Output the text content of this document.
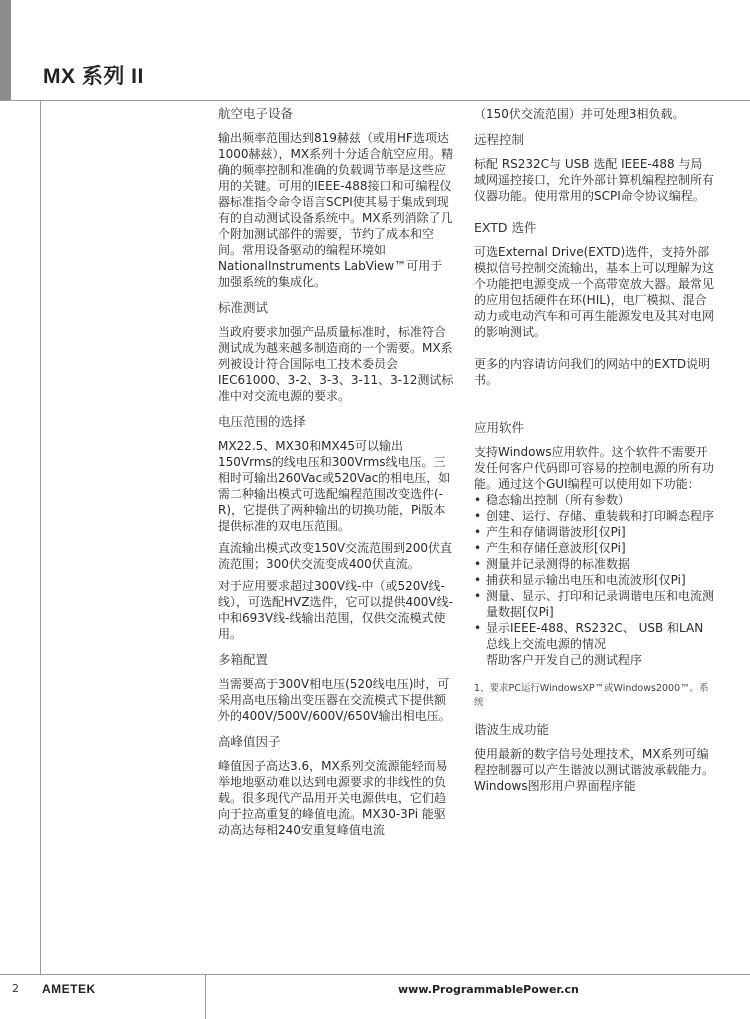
MX 系列 II

航空电子设备

输出频率范围达到819赫兹（或用HF选项达1000赫兹），MX系列十分适合航空应用。精确的频率控制和准确的负载调节率是这些应用的关键。可用的IEEE-488接口和可编程仪器标准指令命令语言SCPI使其易于集成到现有的自动测试设备系统中。MX系列消除了几个附加测试部件的需要，节约了成本和空间。常用设备驱动的编程环境如NationalInstruments LabView™可用于加强系统的集成化。

标准测试

当政府要求加强产品质量标准时，标准符合测试成为越来越多制造商的一个需要。MX系列被设计符合国际电工技术委员会IEC61000、3-2、3-3、3-11、3-12测试标准中对交流电源的要求。

电压范围的选择

MX22.5、MX30和MX45可以输出150Vrms的线电压和300Vrms线电压。三相时可输出260Vac或520Vac的相电压，如需二种输出模式可选配编程范围改变选件(-R)，它提供了两种输出的切换功能，Pi版本提供标准的双电压范围。

直流输出模式改变150V交流范围到200伏直流范围；300伏交流变成400伏直流。

对于应用要求超过300V线-中（或520V线-线），可选配HVZ选件，它可以提供400V线-中和693V线-线输出范围，仅供交流模式使用。

多箱配置

当需要高于300V相电压(520线电压)时，可采用高电压输出变压器在交流模式下提供额外的400V/500V/600V/650V输出相电压。

高峰值因子

峰值因子高达3.6，MX系列交流源能轻而易举地地驱动难以达到电源要求的非线性的负载。很多现代产品用开关电源供电，它们趋向于拉高重复的峰值电流。MX30-3Pi 能驱动高达每相240安重复峰值电流

（150伏交流范围）并可处理3相负载。

远程控制

标配 RS232C与 USB 选配 IEEE-488 与局域网遥控接口，允许外部计算机编程控制所有仪器功能。使用常用的SCPI命令协议编程。

EXTD 选件

可选External Drive(EXTD)选件，支持外部模拟信号控制交流输出，基本上可以理解为这个功能把电源变成一个高带宽放大器。最常见的应用包括硬件在环(HIL)，电厂模拟、混合动力或电动汽车和可再生能源发电及其对电网的影响测试。

更多的内容请访问我们的网站中的EXTD说明书。

应用软件

支持Windows应用软件。这个软件不需要开发任何客户代码即可容易的控制电源的所有功能。通过这个GUI编程可以使用如下功能：

• 稳态输出控制（所有参数）
• 创建、运行、存储、重装载和打印瞬态程序
• 产生和存储调谐波形[仅Pi]
• 产生和存储任意波形[仅Pi]
• 测量并记录测得的标准数据
• 捕获和显示输出电压和电流波形[仅Pi]
• 测量、显示、打印和记录调谐电压和电流测量数据[仅Pi]
• 显示IEEE-488、RS232C、 USB 和LAN总线上交流电源的情况
帮助客户开发自己的测试程序

1、要求PC运行WindowsXP™或Windows2000™。系统

谐波生成功能

使用最新的数字信号处理技术，MX系列可编程控制器可以产生谐波以测试谐波承载能力。Windows图形用户界面程序能

2 AMETEK	www.ProgrammablePower.cn
